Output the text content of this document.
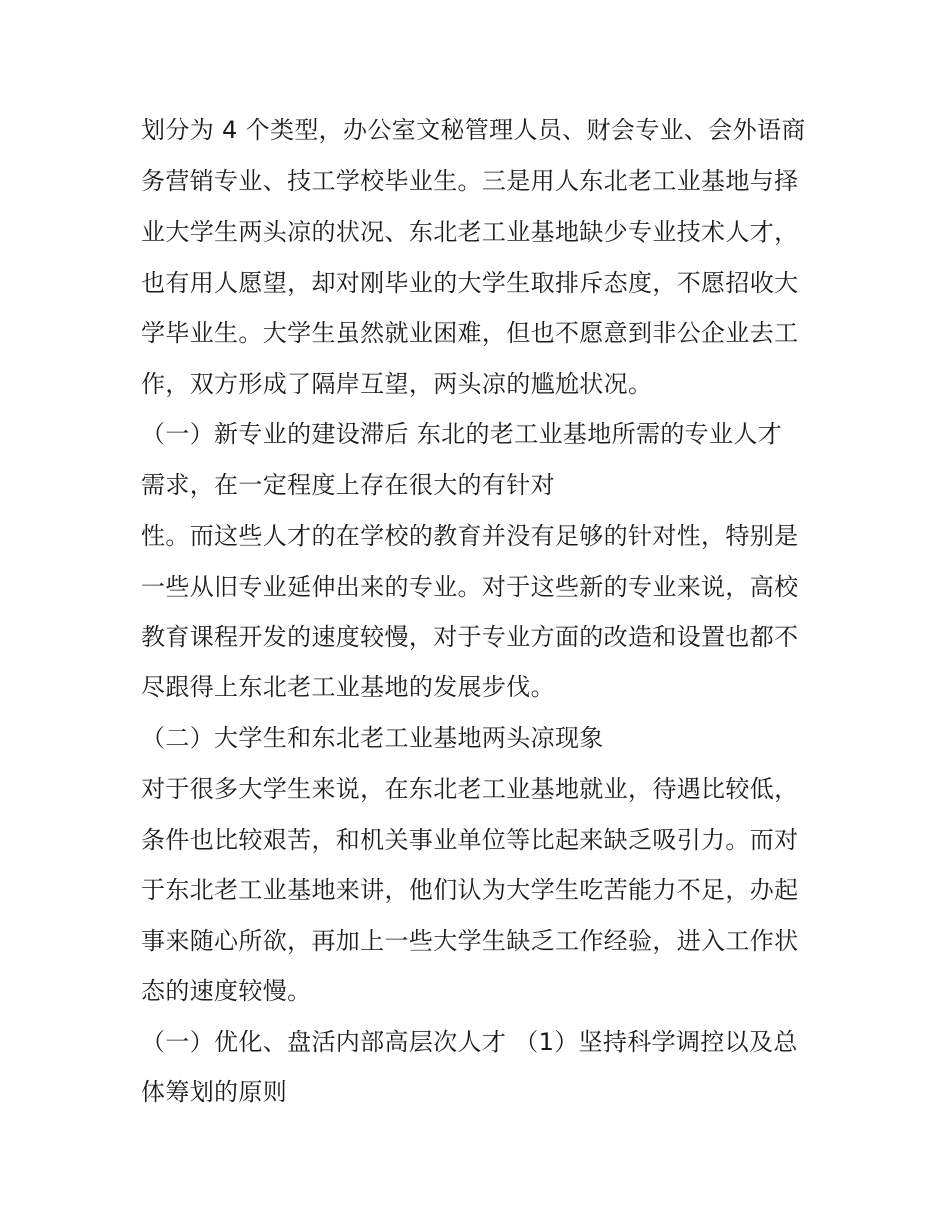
划分为 4 个类型，办公室文秘管理人员、财会专业、会外语商
务营销专业、技工学校毕业生。三是用人东北老工业基地与择
业大学生两头凉的状况、东北老工业基地缺少专业技术人才，
也有用人愿望，却对刚毕业的大学生取排斥态度，不愿招收大
学毕业生。大学生虽然就业困难，但也不愿意到非公企业去工
作，双方形成了隔岸互望，两头凉的尴尬状况。
（一）新专业的建设滞后 东北的老工业基地所需的专业人才
需求，在一定程度上存在很大的有针对
性。而这些人才的在学校的教育并没有足够的针对性，特别是
一些从旧专业延伸出来的专业。对于这些新的专业来说，高校
教育课程开发的速度较慢，对于专业方面的改造和设置也都不
尽跟得上东北老工业基地的发展步伐。
（二）大学生和东北老工业基地两头凉现象
对于很多大学生来说，在东北老工业基地就业，待遇比较低，
条件也比较艰苦，和机关事业单位等比起来缺乏吸引力。而对
于东北老工业基地来讲，他们认为大学生吃苦能力不足，办起
事来随心所欲，再加上一些大学生缺乏工作经验，进入工作状
态的速度较慢。
（一）优化、盘活内部高层次人才 （1）坚持科学调控以及总
体筹划的原则
